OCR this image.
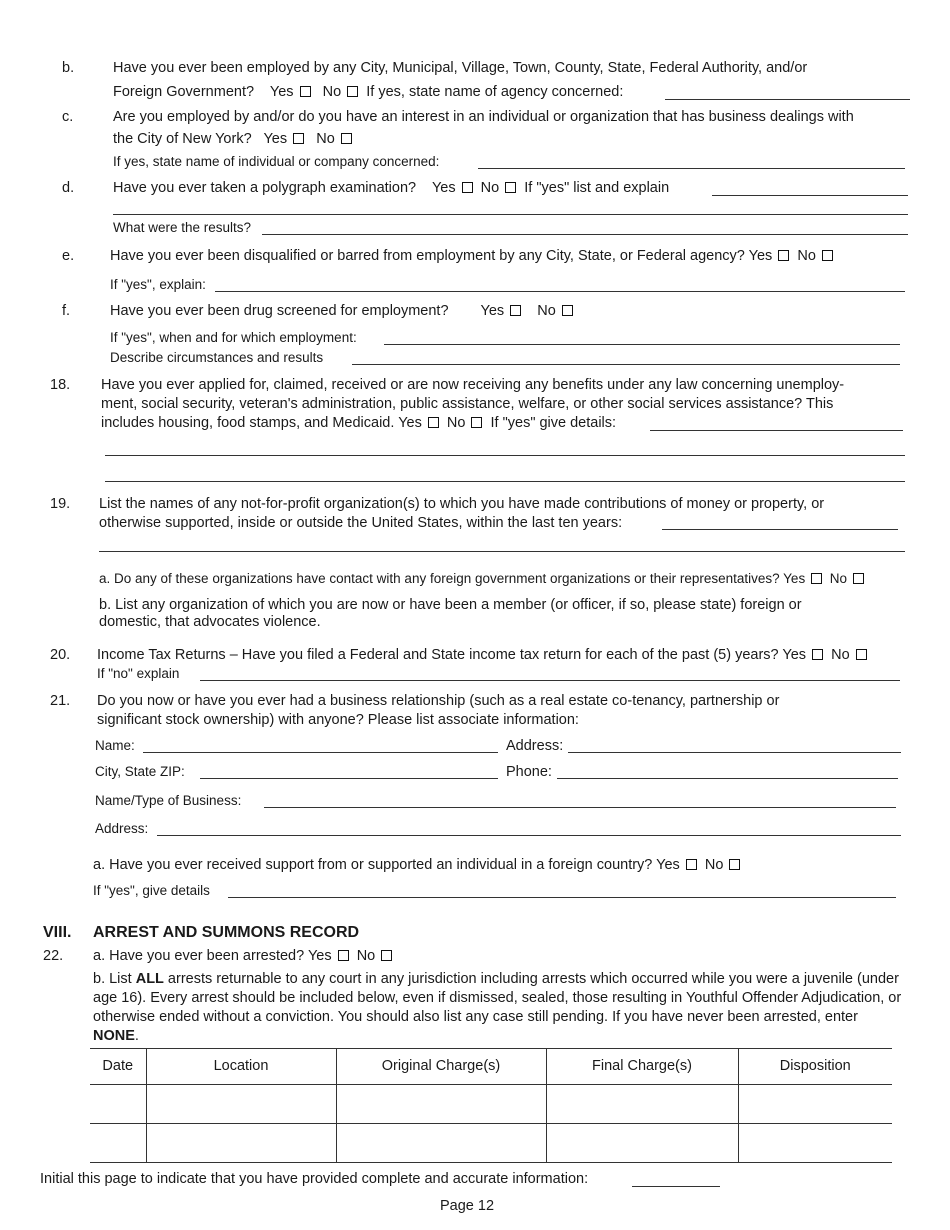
b.	Have you ever been employed by any City, Municipal, Village, Town, County, State, Federal Authority, and/or
Foreign Government? Yes No If yes, state name of agency concerned:
c.	Are you employed by and/or do you have an interest in an individual or organization that has business dealings with
the City of New York? Yes No
If yes, state name of individual or company concerned:
d.	Have you ever taken a polygraph examination? Yes No If "yes" list and explain
What were the results?
e. Have you ever been disqualified or barred from employment by any City, State, or Federal agency? Yes No
If "yes", explain:
f.	Have you ever been drug screened for employment? Yes No
If "yes", when and for which employment:
Describe circumstances and results
18. Have you ever applied for, claimed, received or are now receiving any benefits under any law concerning unemploy-
ment, social security, veteran's administration, public assistance, welfare, or other social services assistance? This
includes housing, food stamps, and Medicaid. Yes No If "yes" give details:
19. List the names of any not-for-profit organization(s) to which you have made contributions of money or property, or
otherwise supported, inside or outside the United States, within the last ten years:
a. Do any of these organizations have contact with any foreign government organizations or their representatives? Yes No
b. List any organization of which you are now or have been a member (or officer, if so, please state) foreign or
domestic, that advocates violence.
20. Income Tax Returns – Have you filed a Federal and State income tax return for each of the past (5) years? Yes No
If "no" explain
21. Do you now or have you ever had a business relationship (such as a real estate co-tenancy, partnership or
significant stock ownership) with anyone? Please list associate information:
Name:	Address:
City, State ZIP:	Phone:
Name/Type of Business:
Address:
a. Have you ever received support from or supported an individual in a foreign country? Yes No
If "yes", give details
VIII. ARREST AND SUMMONS RECORD
22. a. Have you ever been arrested? Yes No
b. List ALL arrests returnable to any court in any jurisdiction including arrests which occurred while you were a juvenile (under age 16). Every arrest should be included below, even if dismissed, sealed, those resulting in Youthful Offender Adjudication, or otherwise ended without a conviction. You should also list any case still pending. If you have never been arrested, enter NONE.
Date	Location	Original Charge(s)	Final Charge(s)	Disposition

Initial this page to indicate that you have provided complete and accurate information:
Page 12
